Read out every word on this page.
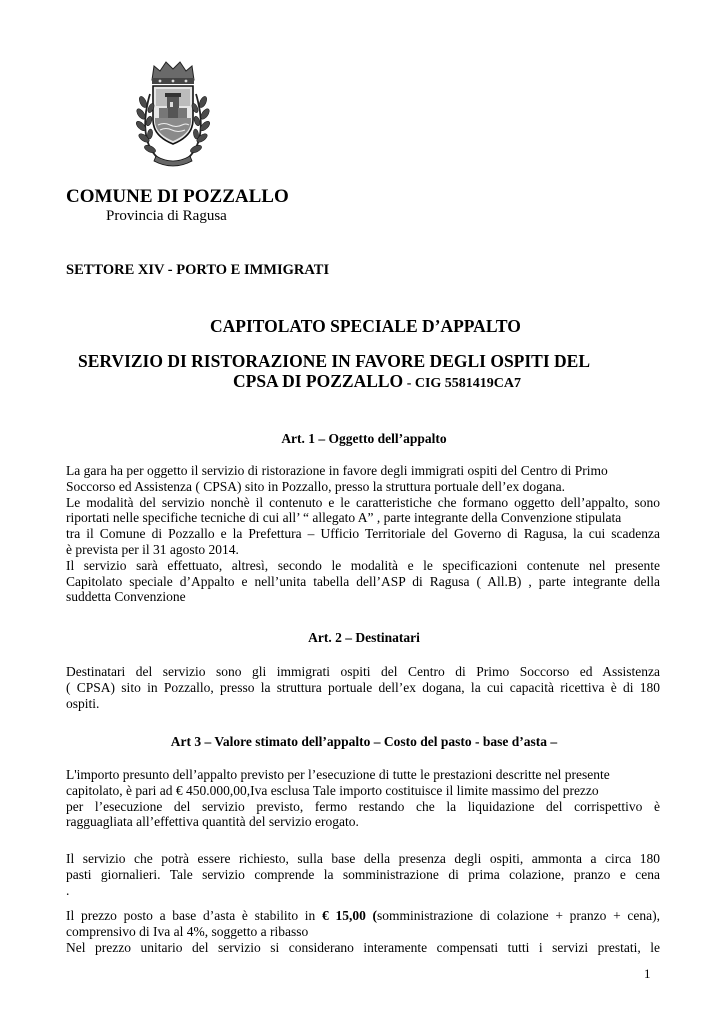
COMUNE DI POZZALLO
Provincia di Ragusa
SETTORE XIV - PORTO E IMMIGRATI
CAPITOLATO SPECIALE D’APPALTO
SERVIZIO DI RISTORAZIONE IN FAVORE DEGLI OSPITI DEL
CPSA DI POZZALLO - CIG 5581419CA7
Art. 1 – Oggetto dell’appalto
La gara ha per oggetto il servizio di ristorazione in favore degli immigrati ospiti del Centro di Primo
Soccorso ed Assistenza ( CPSA) sito in Pozzallo, presso la struttura portuale dell’ex dogana.
Le modalità del servizio nonchè il contenuto e le caratteristiche che formano oggetto dell’appalto, sono
riportati nelle specifiche tecniche di cui all’ “ allegato A” , parte integrante della Convenzione stipulata
tra il Comune di Pozzallo e la Prefettura – Ufficio Territoriale del Governo di Ragusa, la cui scadenza
è prevista per il 31 agosto 2014.
Il servizio sarà effettuato, altresì, secondo le modalità e le specificazioni contenute nel presente
Capitolato speciale d’Appalto e nell’unita tabella dell’ASP di Ragusa ( All.B) , parte integrante della
suddetta Convenzione
Art. 2 – Destinatari
Destinatari del servizio sono gli immigrati ospiti del Centro di Primo Soccorso ed Assistenza
( CPSA) sito in Pozzallo, presso la struttura portuale dell’ex dogana, la cui capacità ricettiva è di 180
ospiti.
Art 3 – Valore stimato dell’appalto – Costo del pasto - base d’asta –
L'importo presunto dell’appalto previsto per l’esecuzione di tutte le prestazioni descritte nel presente
capitolato, è pari ad € 450.000,00,Iva esclusa Tale importo costituisce il limite massimo del prezzo
per l’esecuzione del servizio previsto, fermo restando che la liquidazione del corrispettivo è
ragguagliata all’effettiva quantità del servizio erogato.
Il servizio che potrà essere richiesto, sulla base della presenza degli ospiti, ammonta a circa 180
pasti giornalieri. Tale servizio comprende la somministrazione di prima colazione, pranzo e cena
.
Il prezzo posto a base d’asta è stabilito in € 15,00 (somministrazione di colazione + pranzo + cena),
comprensivo di Iva al 4%, soggetto a ribasso
Nel prezzo unitario del servizio si considerano interamente compensati tutti i servizi prestati, le
1
